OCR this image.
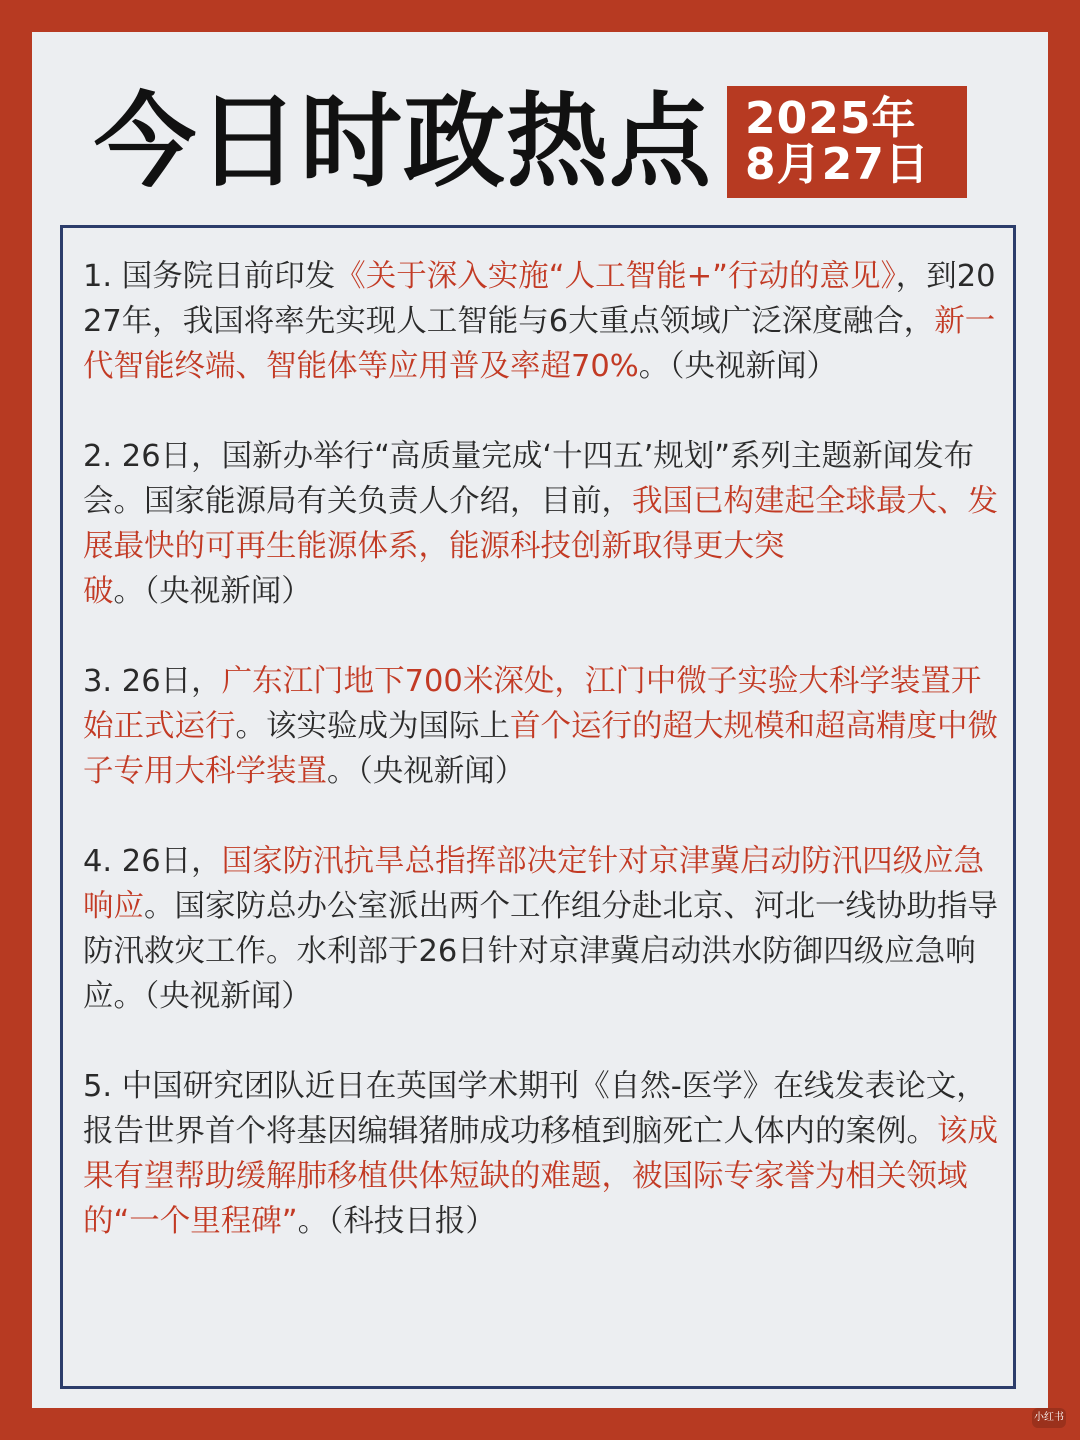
今日时政热点 2025年
8月27日

1. 国务院日前印发《关于深入实施“人工智能+”行动的意见》，到2027年，我国将率先实现人工智能与6大重点领域广泛深度融合，新一代智能终端、智能体等应用普及率超70%。（央视新闻）

2. 26日，国新办举行“高质量完成‘十四五’规划”系列主题新闻发布会。国家能源局有关负责人介绍，目前，我国已构建起全球最大、发展最快的可再生能源体系，能源科技创新取得更大突破。（央视新闻）

3. 26日，广东江门地下700米深处，江门中微子实验大科学装置开始正式运行。该实验成为国际上首个运行的超大规模和超高精度中微子专用大科学装置。（央视新闻）

4. 26日，国家防汛抗旱总指挥部决定针对京津冀启动防汛四级应急响应。国家防总办公室派出两个工作组分赴北京、河北一线协助指导防汛救灾工作。水利部于26日针对京津冀启动洪水防御四级应急响应。（央视新闻）

5. 中国研究团队近日在英国学术期刊《自然-医学》在线发表论文，报告世界首个将基因编辑猪肺成功移植到脑死亡人体内的案例。该成果有望帮助缓解肺移植供体短缺的难题，被国际专家誉为相关领域的“一个里程碑”。（科技日报）

小红书
